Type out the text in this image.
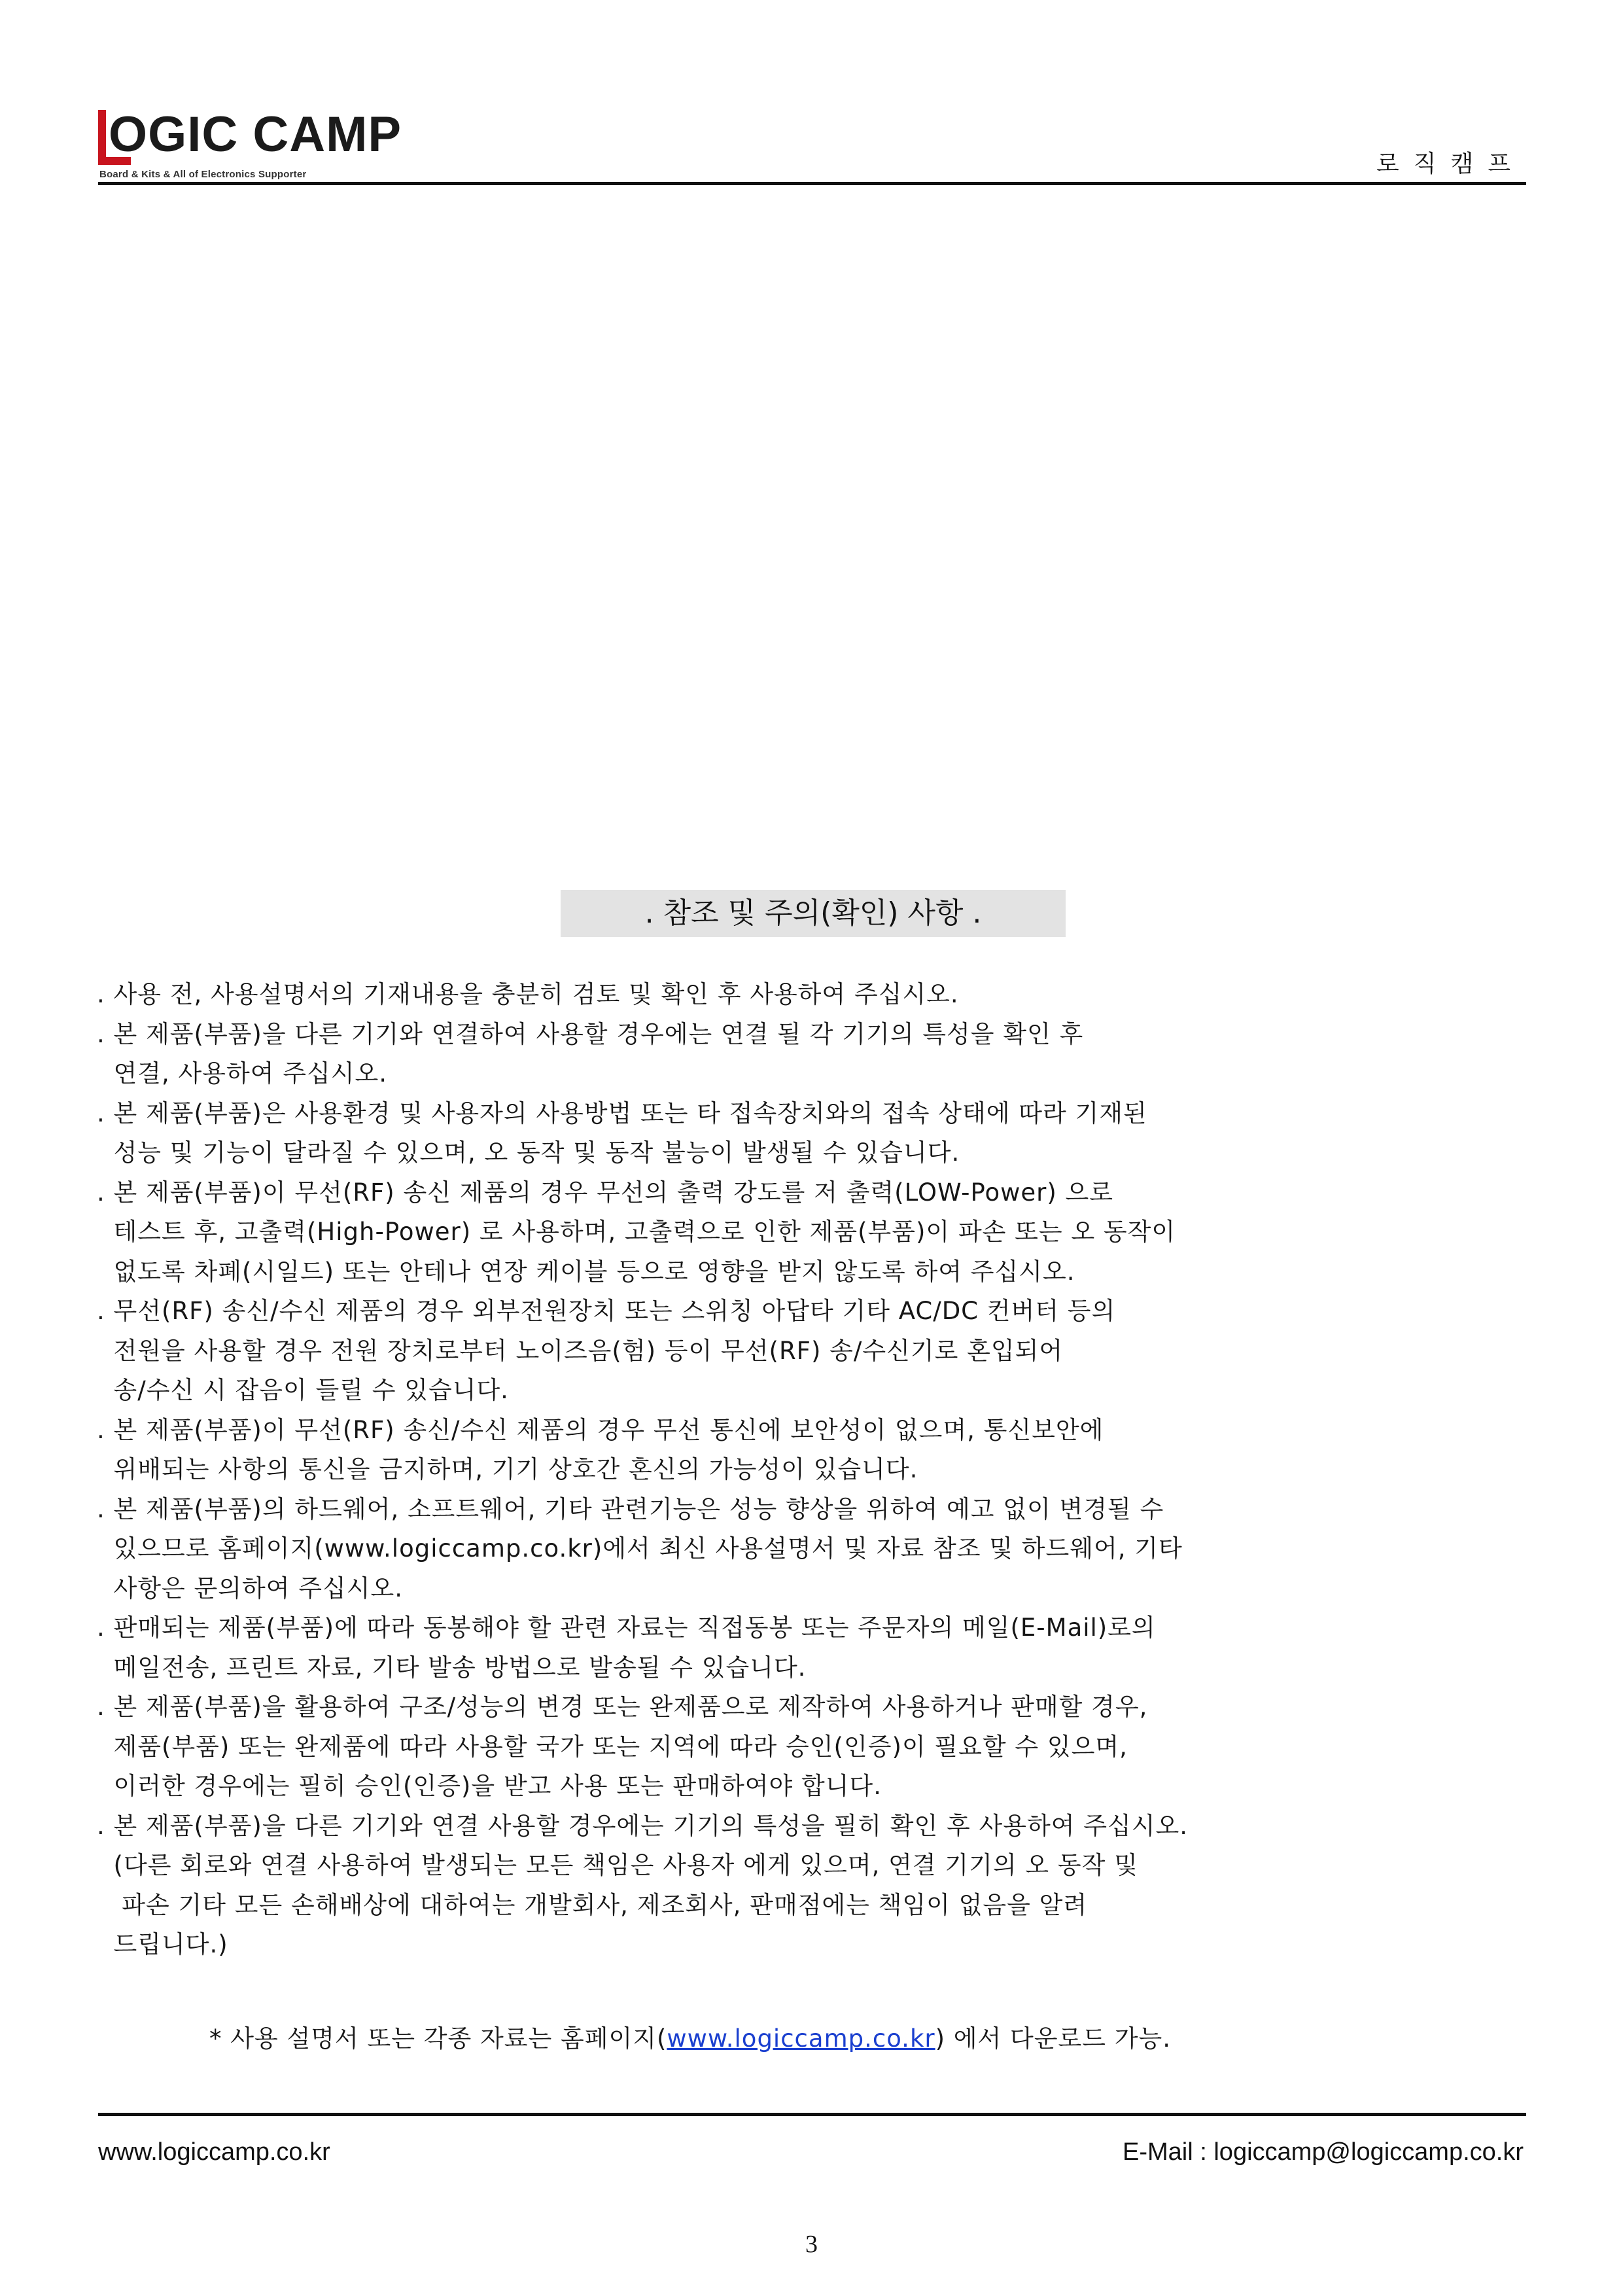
OGIC CAMP
Board & Kits & All of Electronics Supporter	로직캠프
. 참조 및 주의(확인) 사항 .
. 사용 전, 사용설명서의 기재내용을 충분히 검토 및 확인 후 사용하여 주십시오.
. 본 제품(부품)을 다른 기기와 연결하여 사용할 경우에는 연결 될 각 기기의 특성을 확인 후
연결, 사용하여 주십시오.
. 본 제품(부품)은 사용환경 및 사용자의 사용방법 또는 타 접속장치와의 접속 상태에 따라 기재된
성능 및 기능이 달라질 수 있으며, 오 동작 및 동작 불능이 발생될 수 있습니다.
. 본 제품(부품)이 무선(RF) 송신 제품의 경우 무선의 출력 강도를 저 출력(LOW-Power) 으로
테스트 후, 고출력(High-Power) 로 사용하며, 고출력으로 인한 제품(부품)이 파손 또는 오 동작이
없도록 차폐(시일드) 또는 안테나 연장 케이블 등으로 영향을 받지 않도록 하여 주십시오.
. 무선(RF) 송신/수신 제품의 경우 외부전원장치 또는 스위칭 아답타 기타 AC/DC 컨버터 등의
전원을 사용할 경우 전원 장치로부터 노이즈음(험) 등이 무선(RF) 송/수신기로 혼입되어
송/수신 시 잡음이 들릴 수 있습니다.
. 본 제품(부품)이 무선(RF) 송신/수신 제품의 경우 무선 통신에 보안성이 없으며, 통신보안에
위배되는 사항의 통신을 금지하며, 기기 상호간 혼신의 가능성이 있습니다.
. 본 제품(부품)의 하드웨어, 소프트웨어, 기타 관련기능은 성능 향상을 위하여 예고 없이 변경될 수
있으므로 홈페이지(www.logiccamp.co.kr)에서 최신 사용설명서 및 자료 참조 및 하드웨어, 기타
사항은 문의하여 주십시오.
. 판매되는 제품(부품)에 따라 동봉해야 할 관련 자료는 직접동봉 또는 주문자의 메일(E-Mail)로의
메일전송, 프린트 자료, 기타 발송 방법으로 발송될 수 있습니다.
. 본 제품(부품)을 활용하여 구조/성능의 변경 또는 완제품으로 제작하여 사용하거나 판매할 경우,
제품(부품) 또는 완제품에 따라 사용할 국가 또는 지역에 따라 승인(인증)이 필요할 수 있으며,
이러한 경우에는 필히 승인(인증)을 받고 사용 또는 판매하여야 합니다.
. 본 제품(부품)을 다른 기기와 연결 사용할 경우에는 기기의 특성을 필히 확인 후 사용하여 주십시오.
(다른 회로와 연결 사용하여 발생되는 모든 책임은 사용자 에게 있으며, 연결 기기의 오 동작 및
파손 기타 모든 손해배상에 대하여는 개발회사, 제조회사, 판매점에는 책임이 없음을 알려
드립니다.)
* 사용 설명서 또는 각종 자료는 홈페이지(www.logiccamp.co.kr) 에서 다운로드 가능.
www.logiccamp.co.kr	E-Mail : logiccamp@logiccamp.co.kr
3
